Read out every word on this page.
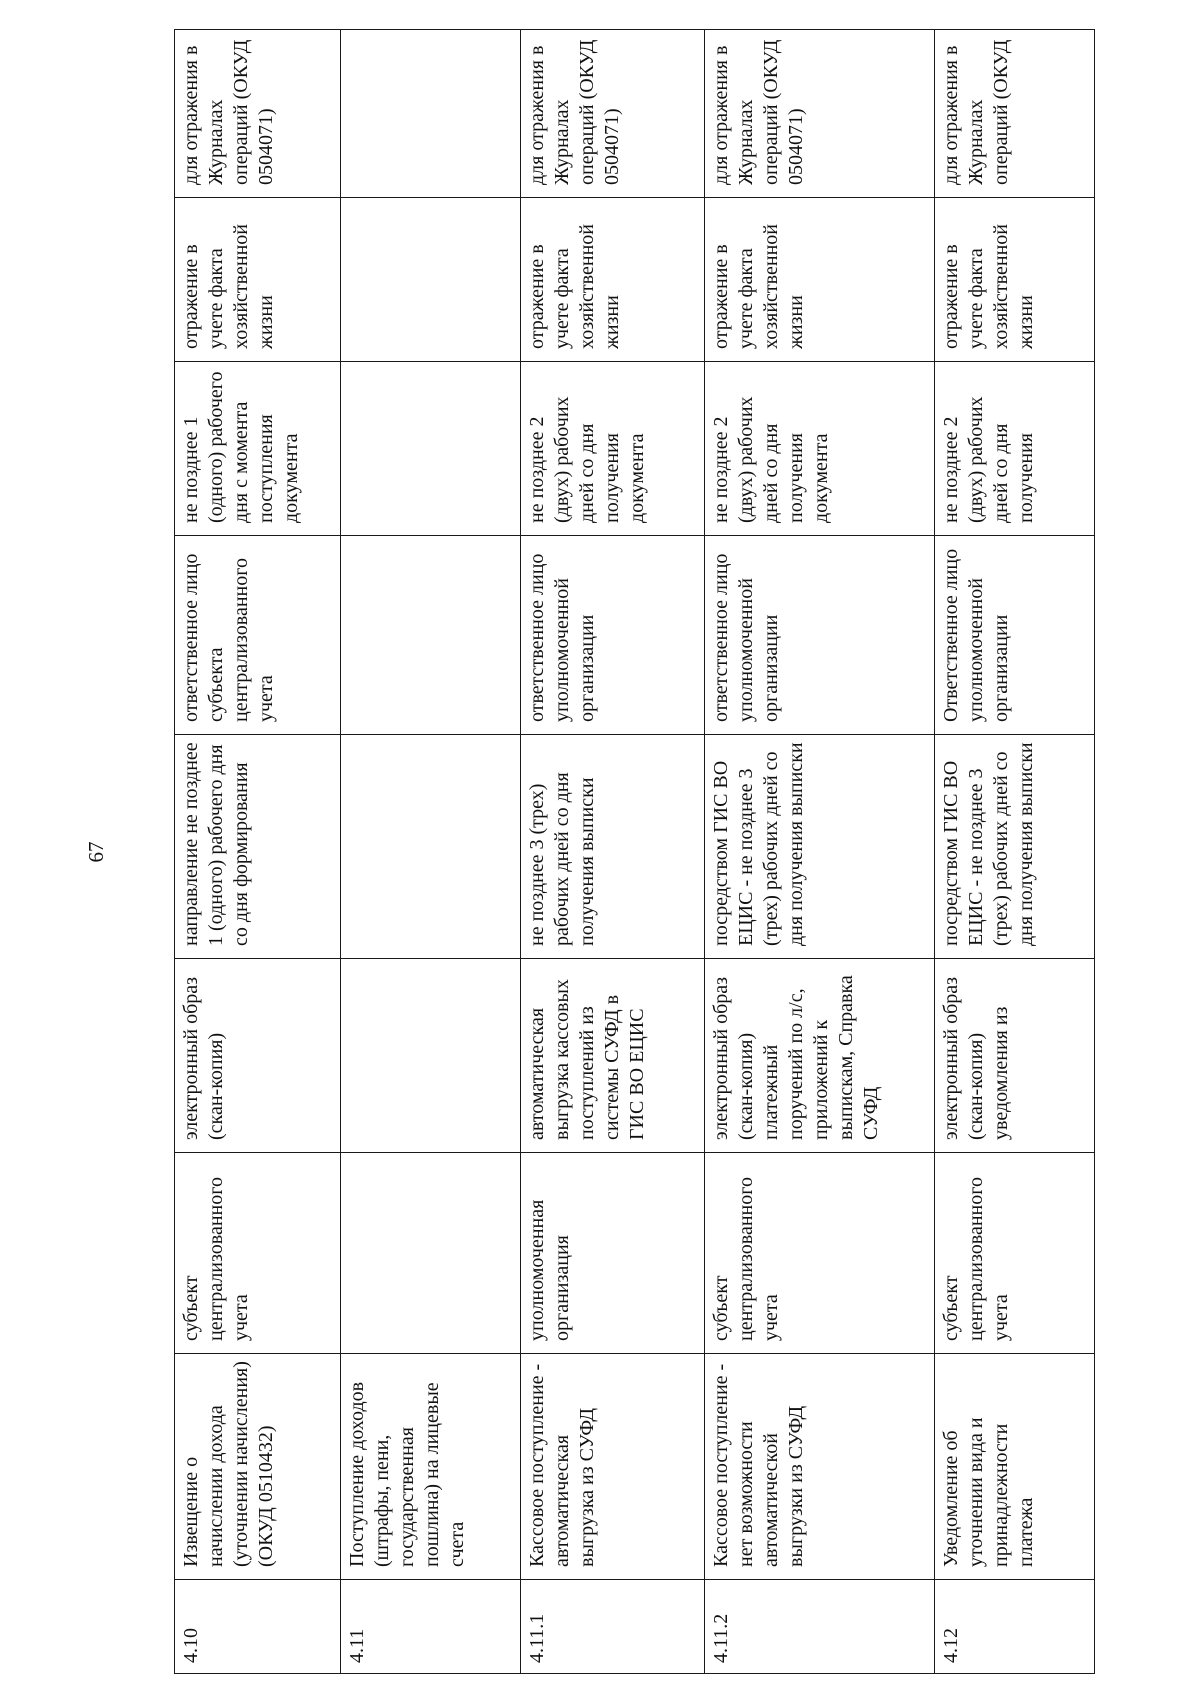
67
4.10	Извещение о начислении дохода (уточнении начисления) (ОКУД 0510432)	субъект централизованного учета	электронный образ (скан-копия)	направление не позднее 1 (одного) рабочего дня со дня формирования	ответственное лицо субъекта централизованного учета	не позднее 1 (одного) рабочего дня с момента поступления документа	отражение в учете факта хозяйственной жизни	для отражения в Журналах операций (ОКУД 0504071)
4.11	Поступление доходов (штрафы, пени, государственная пошлина) на лицевые счета							
4.11.1	Кассовое поступление - автоматическая выгрузка из СУФД	уполномоченная организация	автоматическая выгрузка кассовых поступлений из системы СУФД в ГИС ВО ЕЦИС	не позднее 3 (трех) рабочих дней со дня получения выписки	ответственное лицо уполномоченной организации	не позднее 2 (двух) рабочих дней со дня получения документа	отражение в учете факта хозяйственной жизни	для отражения в Журналах операций (ОКУД 0504071)
4.11.2	Кассовое поступление - нет возможности автоматической выгрузки из СУФД	субъект централизованного учета	электронный образ (скан-копия) платежный поручений по л/с, приложений к выпискам, Справка СУФД	посредством ГИС ВО ЕЦИС - не позднее 3 (трех) рабочих дней со дня получения выписки	ответственное лицо уполномоченной организации	не позднее 2 (двух) рабочих дней со дня получения документа	отражение в учете факта хозяйственной жизни	для отражения в Журналах операций (ОКУД 0504071)
4.12	Уведомление об уточнении вида и принадлежности платежа	субъект централизованного учета	электронный образ (скан-копия) уведомления из	посредством ГИС ВО ЕЦИС - не позднее 3 (трех) рабочих дней со дня получения выписки	Ответственное лицо уполномоченной организации	не позднее 2 (двух) рабочих дней со дня получения	отражение в учете факта хозяйственной жизни	для отражения в Журналах операций (ОКУД
